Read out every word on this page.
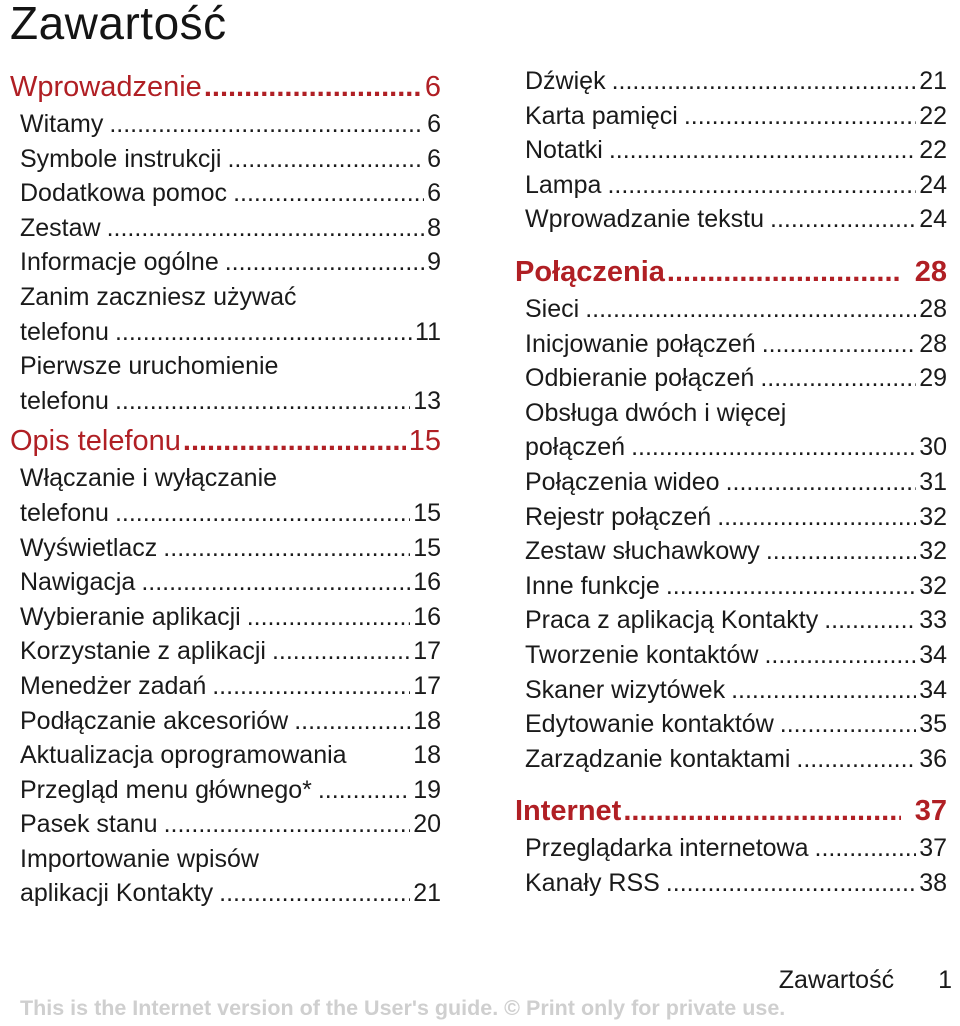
Zawartość
Wprowadzenie .....	6
Witamy .....	6
Symbole instrukcji .....	6
Dodatkowa pomoc .....	6
Zestaw .....	8
Informacje ogólne .....	9
Zanim zaczniesz używać
telefonu .....	11
Pierwsze uruchomienie
telefonu .....	13
Opis telefonu .....	15
Włączanie i wyłączanie
telefonu .....	15
Wyświetlacz .....	15
Nawigacja .....	16
Wybieranie aplikacji .....	16
Korzystanie z aplikacji .....	17
Menedżer zadań .....	17
Podłączanie akcesoriów .....	18
Aktualizacja oprogramowania	18
Przegląd menu głównego* .....	19
Pasek stanu .....	20
Importowanie wpisów
aplikacji Kontakty .....	21
Dźwięk .....	21
Karta pamięci .....	22
Notatki .....	22
Lampa .....	24
Wprowadzanie tekstu .....	24
Połączenia .....	28
Sieci .....	28
Inicjowanie połączeń .....	28
Odbieranie połączeń .....	29
Obsługa dwóch i więcej
połączeń .....	30
Połączenia wideo .....	31
Rejestr połączeń .....	32
Zestaw słuchawkowy .....	32
Inne funkcje .....	32
Praca z aplikacją Kontakty .....	33
Tworzenie kontaktów .....	34
Skaner wizytówek .....	34
Edytowanie kontaktów .....	35
Zarządzanie kontaktami .....	36
Internet .....	37
Przeglądarka internetowa .....	37
Kanały RSS .....	38
Zawartość 1
This is the Internet version of the User's guide. © Print only for private use.
